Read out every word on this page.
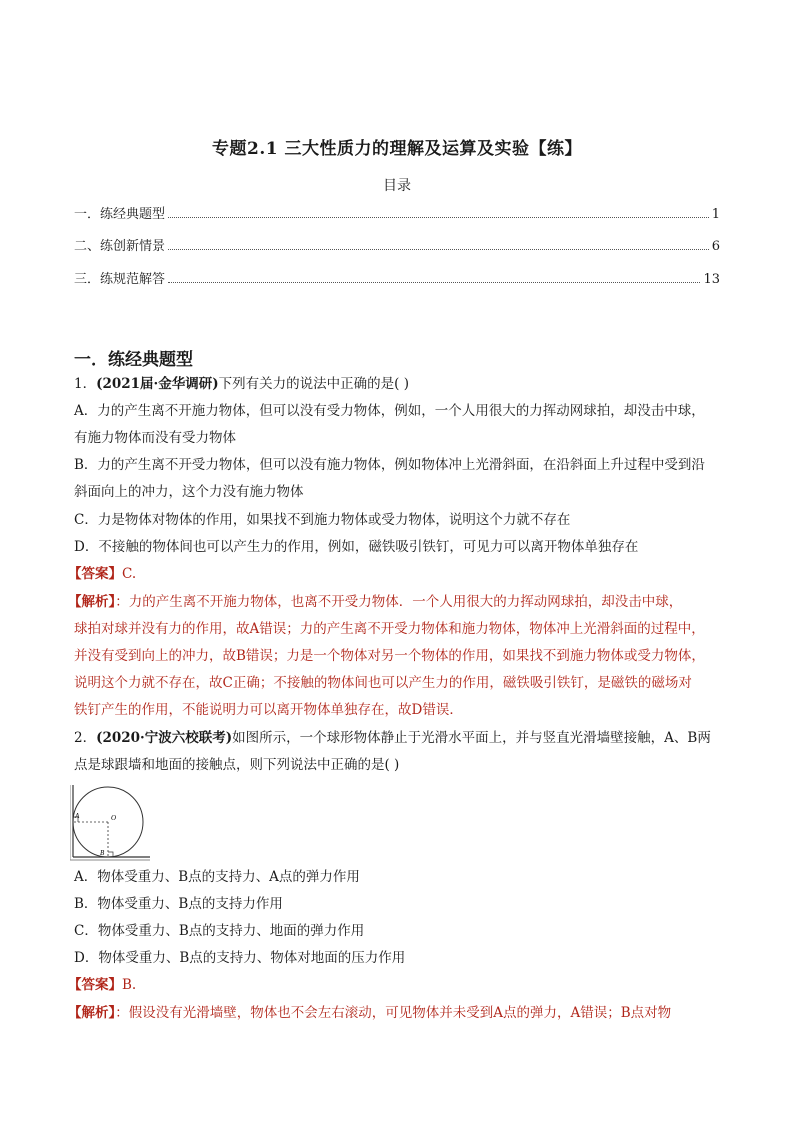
专题2.1 三大性质力的理解及运算及实验【练】
目录
一．练经典题型	1
二、练创新情景	6
三．练规范解答	13
一．练经典题型
1．(2021届·金华调研)下列有关力的说法中正确的是( )
A．力的产生离不开施力物体，但可以没有受力物体，例如，一个人用很大的力挥动网球拍，却没击中球，
有施力物体而没有受力物体
B．力的产生离不开受力物体，但可以没有施力物体，例如物体冲上光滑斜面，在沿斜面上升过程中受到沿
斜面向上的冲力，这个力没有施力物体
C．力是物体对物体的作用，如果找不到施力物体或受力物体，说明这个力就不存在
D．不接触的物体间也可以产生力的作用，例如，磁铁吸引铁钉，可见力可以离开物体单独存在
【答案】C.
【解析】：力的产生离不开施力物体，也离不开受力物体．一个人用很大的力挥动网球拍，却没击中球，
球拍对球并没有力的作用，故A错误；力的产生离不开受力物体和施力物体，物体冲上光滑斜面的过程中，
并没有受到向上的冲力，故B错误；力是一个物体对另一个物体的作用，如果找不到施力物体或受力物体，
说明这个力就不存在，故C正确；不接触的物体间也可以产生力的作用，磁铁吸引铁钉，是磁铁的磁场对
铁钉产生的作用，不能说明力可以离开物体单独存在，故D错误．
2．(2020·宁波六校联考)如图所示，一个球形物体静止于光滑水平面上，并与竖直光滑墙壁接触，A、B两
点是球跟墙和地面的接触点，则下列说法中正确的是( )
A	O
B
A．物体受重力、B点的支持力、A点的弹力作用
B．物体受重力、B点的支持力作用
C．物体受重力、B点的支持力、地面的弹力作用
D．物体受重力、B点的支持力、物体对地面的压力作用
【答案】B.
【解析】：假设没有光滑墙壁，物体也不会左右滚动，可见物体并未受到A点的弹力，A错误；B点对物
